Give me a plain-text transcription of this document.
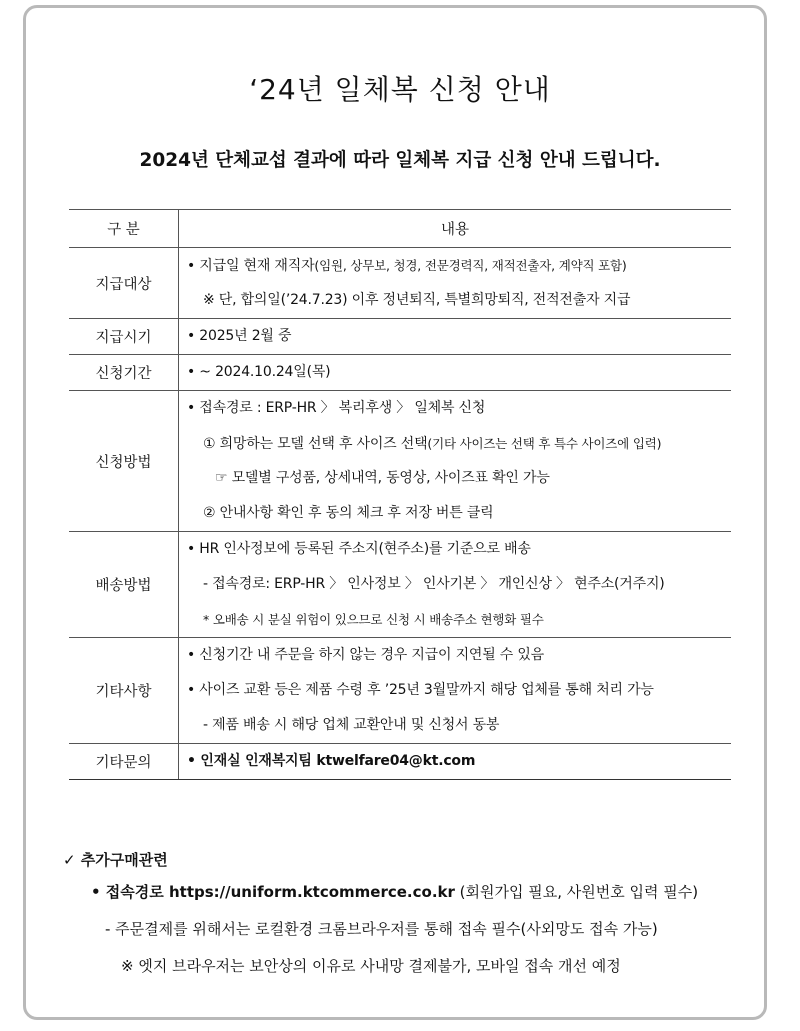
‘24년 일체복 신청 안내
2024년 단체교섭 결과에 따라 일체복 지급 신청 안내 드립니다.
구 분	내용
지급대상	• 지급일 현재 재직자(임원, 상무보, 청경, 전문경력직, 재적전출자, 계약직 포함)
※ 단, 합의일(’24.7.23) 이후 정년퇴직, 특별희망퇴직, 전적전출자 지급

지급시기	• 2025년 2월 중

신청기간	• ~ 2024.10.24일(목)

신청방법	• 접속경로 : ERP-HR 〉 복리후생 〉 일체복 신청
① 희망하는 모델 선택 후 사이즈 선택(기타 사이즈는 선택 후 특수 사이즈에 입력)
☞ 모델별 구성품, 상세내역, 동영상, 사이즈표 확인 가능
② 안내사항 확인 후 동의 체크 후 저장 버튼 클릭

배송방법	• HR 인사정보에 등록된 주소지(현주소)를 기준으로 배송
- 접속경로: ERP-HR 〉 인사정보 〉 인사기본 〉 개인신상 〉 현주소(거주지)
* 오배송 시 분실 위험이 있으므로 신청 시 배송주소 현행화 필수

기타사항	• 신청기간 내 주문을 하지 않는 경우 지급이 지연될 수 있음
• 사이즈 교환 등은 제품 수령 후 ’25년 3월말까지 해당 업체를 통해 처리 가능
- 제품 배송 시 해당 업체 교환안내 및 신청서 동봉

기타문의	• 인재실 인재복지팀 ktwelfare04@kt.com
✓ 추가구매관련
• 접속경로 https://uniform.ktcommerce.co.kr (회원가입 필요, 사원번호 입력 필수)
- 주문결제를 위해서는 로컬환경 크롬브라우저를 통해 접속 필수(사외망도 접속 가능)
※ 엣지 브라우저는 보안상의 이유로 사내망 결제불가, 모바일 접속 개선 예정
